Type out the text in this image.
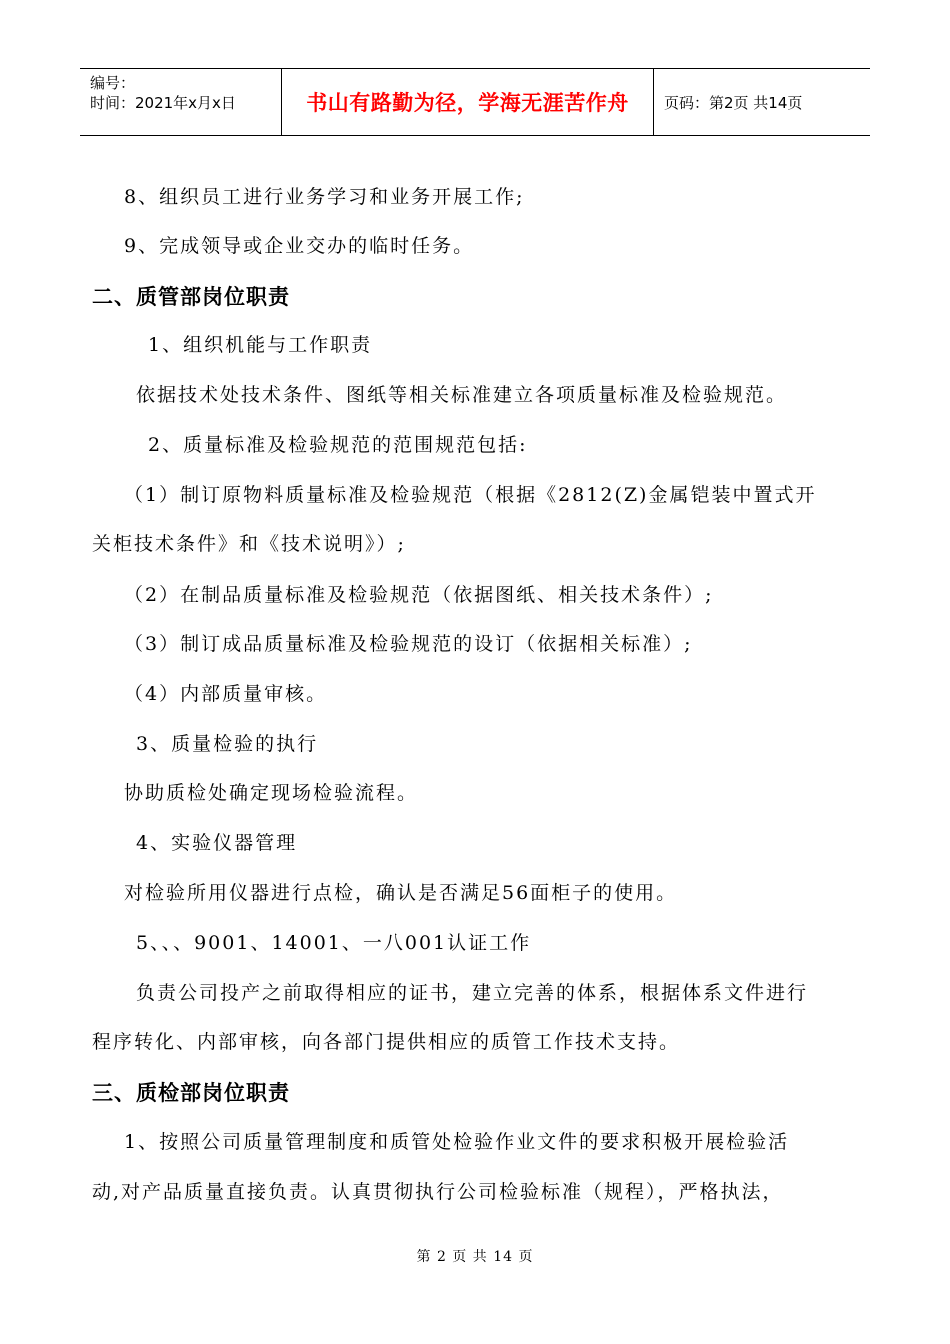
编号：
时间：2021年x月x日	书山有路勤为径，学海无涯苦作舟 页码：第2页 共14页
8、组织员工进行业务学习和业务开展工作;
9、完成领导或企业交办的临时任务。
二、质管部岗位职责
1、组织机能与工作职责
依据技术处技术条件、图纸等相关标准建立各项质量标准及检验规范。
2、质量标准及检验规范的范围规范包括:
（1）制订原物料质量标准及检验规范（根据《2812(Z)金属铠装中置式开
关柜技术条件》和《技术说明》）;
（2）在制品质量标准及检验规范（依据图纸、相关技术条件）;
（3）制订成品质量标准及检验规范的设订（依据相关标准）;
（4）内部质量审核。
3、质量检验的执行
协助质检处确定现场检验流程。
4、实验仪器管理
对检验所用仪器进行点检，确认是否满足56面柜子的使用。
5、、、9001、14001、一八001认证工作
负责公司投产之前取得相应的证书，建立完善的体系，根据体系文件进行
程序转化、内部审核，向各部门提供相应的质管工作技术支持。
三、质检部岗位职责
1、按照公司质量管理制度和质管处检验作业文件的要求积极开展检验活
动,对产品质量直接负责。认真贯彻执行公司检验标准（规程），严格执法，
第 2 页 共 14 页
